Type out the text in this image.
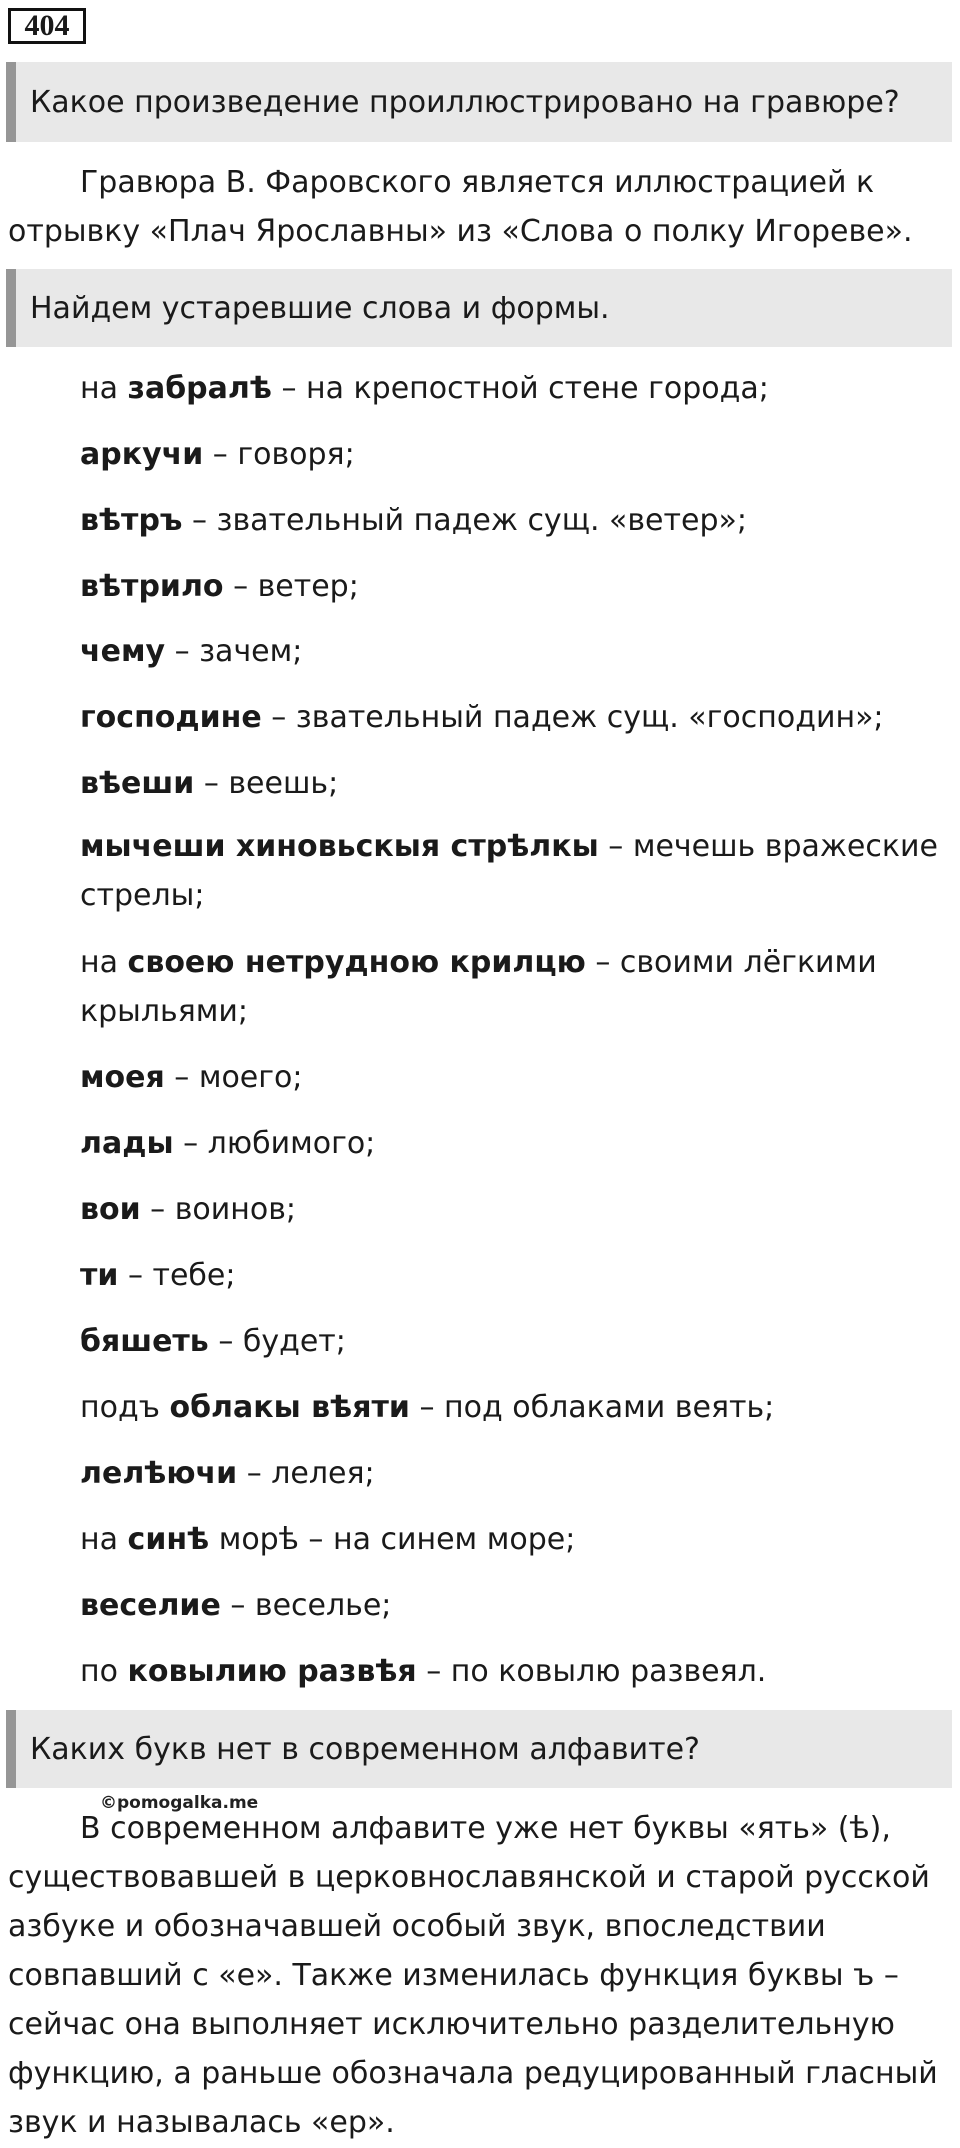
404
Какое произведение проиллюстрировано на гравюре?
Гравюра В. Фаровского является иллюстрацией к
отрывку «Плач Ярославны» из «Слова о полку Игореве».
Найдем устаревшие слова и формы.
на забралѣ – на крепостной стене города;
аркучи – говоря;
вѣтръ – звательный падеж сущ. «ветер»;
вѣтрило – ветер;
чему – зачем;
господине – звательный падеж сущ. «господин»;
вѣеши – веешь;
мычеши хиновьскыя стрѣлкы – мечешь вражеские
стрелы;
на своею нетрудною крилцю – своими лёгкими
крыльями;
моея – моего;
лады – любимого;
вои – воинов;
ти – тебе;
бяшеть – будет;
подъ облакы вѣяти – под облаками веять;
лелѣючи – лелея;
на синѣ морѣ – на синем море;
веселие – веселье;
по ковылию развѣя – по ковылю развеял.
Каких букв нет в современном алфавите?
©pomogalka.me
В современном алфавите уже нет буквы «ять» (ѣ),
существовавшей в церковнославянской и старой русской
азбуке и обозначавшей особый звук, впоследствии
совпавший с «е». Также изменилась функция буквы ъ –
сейчас она выполняет исключительно разделительную
функцию, а раньше обозначала редуцированный гласный
звук и называлась «ер».
